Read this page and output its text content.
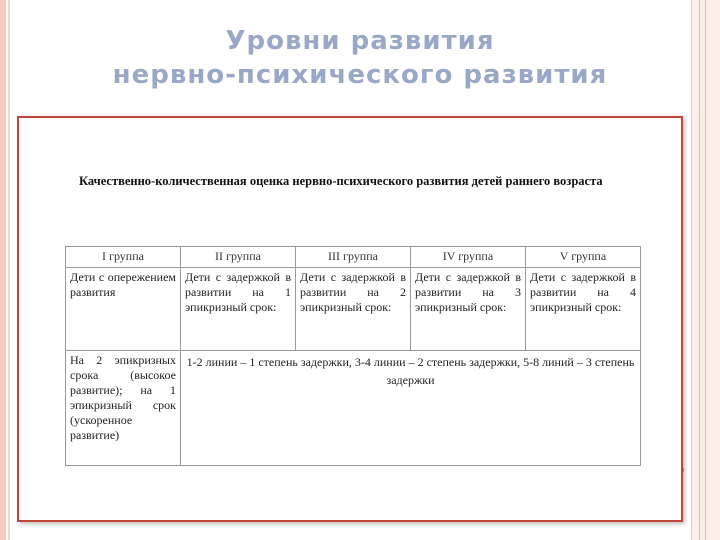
Уровни развития
нервно-психического развития
Качественно-количественная оценка нервно-психического развития детей раннего возраста
I группа	II группа	III группа	IV группа	V группа
Дети с опережением развития	Дети с задержкой в развитии на 1 эпикризный срок:	Дети с задержкой в развитии на 2 эпикризный срок:	Дети с задержкой в развитии на 3 эпикризный срок:	Дети с задержкой в развитии на 4 эпикризный срок:
На 2 эпикризных срока (высокое развитие); на 1 эпикризный срок (ускоренное развитие)	1-2 линии – 1 степень задержки, 3-4 линии – 2 степень задержки, 5-8 линий – 3 степень задержки			
